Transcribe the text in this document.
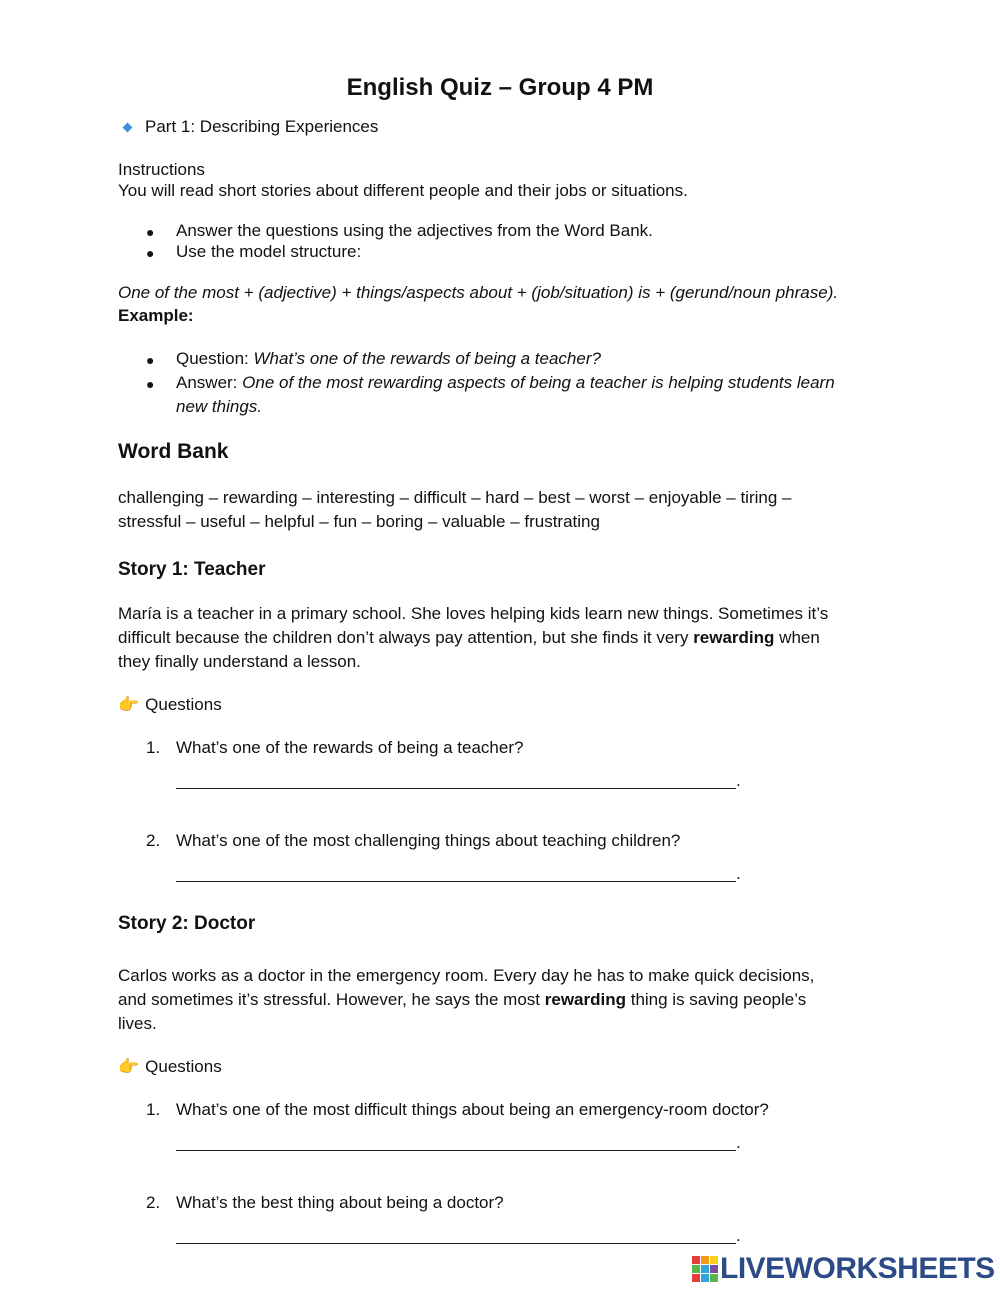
English Quiz – Group 4 PM
Part 1: Describing Experiences
Instructions
You will read short stories about different people and their jobs or situations.
● Answer the questions using the adjectives from the Word Bank.
● Use the model structure:
One of the most + (adjective) + things/aspects about + (job/situation) is + (gerund/noun phrase).
Example:
● Question: What’s one of the rewards of being a teacher?
● Answer: One of the most rewarding aspects of being a teacher is helping students learn
new things.
Word Bank
challenging – rewarding – interesting – difficult – hard – best – worst – enjoyable – tiring –
stressful – useful – helpful – fun – boring – valuable – frustrating
Story 1: Teacher
María is a teacher in a primary school. She loves helping kids learn new things. Sometimes it’s
difficult because the children don’t always pay attention, but she finds it very rewarding when
they finally understand a lesson.
👉 Questions
1. What’s one of the rewards of being a teacher?
.
2. What’s one of the most challenging things about teaching children?
.
Story 2: Doctor
Carlos works as a doctor in the emergency room. Every day he has to make quick decisions,
and sometimes it’s stressful. However, he says the most rewarding thing is saving people’s
lives.
👉 Questions
1. What’s one of the most difficult things about being an emergency-room doctor?
.
2. What’s the best thing about being a doctor?
.
LIVEWORKSHEETS
